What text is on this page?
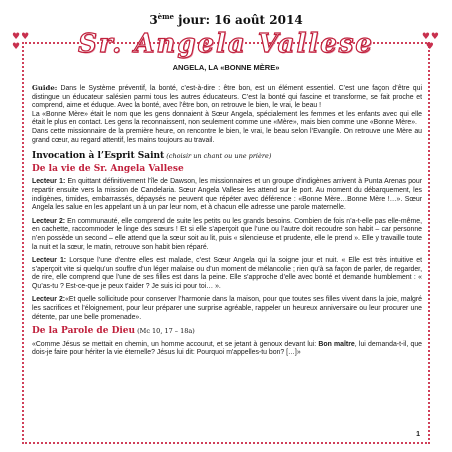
♥♥
♥
♥♥
♥
3ème jour: 16 août 2014
Sr. Angela Vallese
ANGELA, LA «BONNE MÈRE»

Guide: Dans le Système préventif, la bonté, c’est-à-dire : être bon, est un élément essentiel. C’est une façon d’être qui distingue un éducateur salésien parmi tous les autres éducateurs. C’est la bonté qui fascine et transforme, se fait proche et comprend, aime et éduque. Avec la bonté, avec l’être bon, on retrouve le bien, le vrai, le beau !
La «Bonne Mère» était le nom que les gens donnaient à Sœur Angela, spécialement les femmes et les enfants avec qui elle était le plus en contact. Les gens la reconnaissent, non seulement comme une «Mère», mais bien comme une «Bonne Mère».
Dans cette missionnaire de la première heure, on rencontre le bien, le vrai, le beau selon l’Evangile. On retrouve une Mère au grand cœur, au regard attentif, les mains toujours au travail.

Invocation à l’Esprit Saint (choisir un chant ou une prière)
De la vie de Sr. Angela Vallese

Lecteur 1: En quittant définitivement l’île de Dawson, les missionnaires et un groupe d’indigènes arrivent à Punta Arenas pour repartir ensuite vers la mission de Candelaria. Sœur Angela Vallese les attend sur le port. Au moment du débarquement, les indigènes, timides, embarrassés, dépaysés ne peuvent que répéter avec déférence : «Bonne Mère…Bonne Mère !…». Sœur Angela les salue en les appelant un à un par leur nom, et à chacun elle adresse une parole maternelle.

Lecteur 2: En communauté, elle comprend de suite les petits ou les grands besoins. Combien de fois n’a-t-elle pas elle-même, en cachette, raccommoder le linge des sœurs ! Et si elle s’aperçoit que l’une ou l’autre doit recoudre son habit – car personne n’en possède un second – elle attend que la sœur soit au lit, puis « silencieuse et prudente, elle le prend ». Elle y travaille toute la nuit et la sœur, le matin, retrouve son habit bien réparé.

Lecteur 1: Lorsque l’une d’entre elles est malade, c’est Sœur Angela qui la soigne jour et nuit. « Elle est très intuitive et s’aperçoit vite si quelqu’un souffre d’un léger malaise ou d’un moment de mélancolie ; rien qu’à sa façon de parler, de regarder, de rire, elle comprend que l’une de ses filles est dans la peine. Elle s’approche d’elle avec bonté et demande humblement : « Qu’as-tu ? Est-ce-que je peux t’aider ? Je suis ici pour toi… ».

Lecteur 2:«Et quelle sollicitude pour conserver l’harmonie dans la maison, pour que toutes ses filles vivent dans la joie, malgré les sacrifices et l’éloignement, pour leur préparer une surprise agréable, rappeler un heureux anniversaire ou leur procurer une détente, par une belle promenade».

De la Parole de Dieu (Mc 10, 17 – 18a)

«Comme Jésus se mettait en chemin, un homme accourut, et se jetant à genoux devant lui: Bon maître, lui demanda-t-il, que dois-je faire pour hériter la vie éternelle? Jésus lui dit: Pourquoi m'appelles-tu bon? […]»

1
